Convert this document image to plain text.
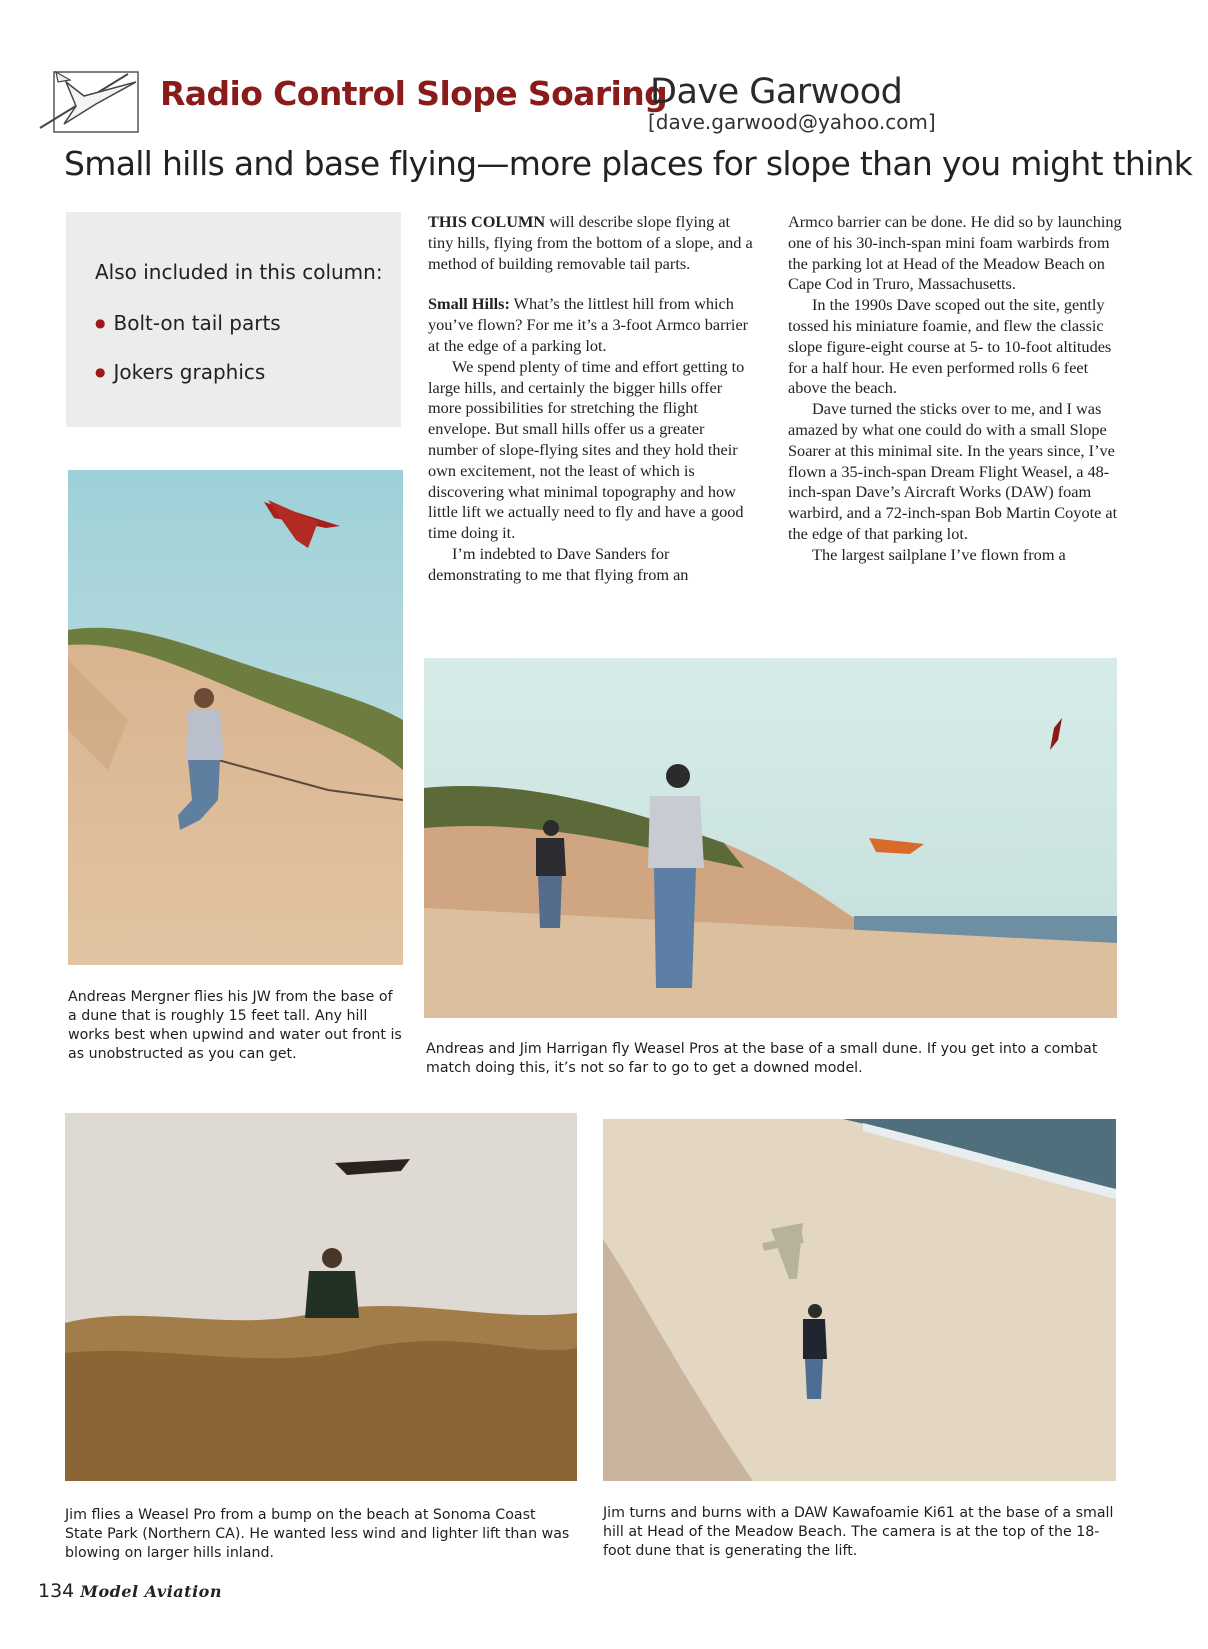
Radio Control Slope Soaring
Dave Garwood
[dave.garwood@yahoo.com]
Small hills and base flying—more places for slope than you might think
Also included in this column:
● Bolt-on tail parts
● Jokers graphics

THIS COLUMN will describe slope flying at tiny hills, flying from the bottom of a slope, and a method of building removable tail parts.

Small Hills: What’s the littlest hill from which you’ve flown? For me it’s a 3-foot Armco barrier at the edge of a parking lot.

We spend plenty of time and effort getting to large hills, and certainly the bigger hills offer more possibilities for stretching the flight envelope. But small hills offer us a greater number of slope-flying sites and they hold their own excitement, not the least of which is discovering what minimal topography and how little lift we actually need to fly and have a good time doing it.

I’m indebted to Dave Sanders for demonstrating to me that flying from an

Armco barrier can be done. He did so by launching one of his 30-inch-span mini foam warbirds from the parking lot at Head of the Meadow Beach on Cape Cod in Truro, Massachusetts.

In the 1990s Dave scoped out the site, gently tossed his miniature foamie, and flew the classic slope figure-eight course at 5- to 10-foot altitudes for a half hour. He even performed rolls 6 feet above the beach.

Dave turned the sticks over to me, and I was amazed by what one could do with a small Slope Soarer at this minimal site. In the years since, I’ve flown a 35-inch-span Dream Flight Weasel, a 48-inch-span Dave’s Aircraft Works (DAW) foam warbird, and a 72-inch-span Bob Martin Coyote at the edge of that parking lot.

The largest sailplane I’ve flown from a

Andreas Mergner flies his JW from the base of a dune that is roughly 15 feet tall. Any hill works best when upwind and water out front is as unobstructed as you can get.	Andreas and Jim Harrigan fly Weasel Pros at the base of a small dune. If you get into a combat match doing this, it’s not so far to go to get a downed model.
Jim flies a Weasel Pro from a bump on the beach at Sonoma Coast State Park (Northern CA). He wanted less wind and lighter lift than was blowing on larger hills inland.
Jim turns and burns with a DAW Kawafoamie Ki61 at the base of a small hill at Head of the Meadow Beach. The camera is at the top of the 18-foot dune that is generating the lift.
134 Model Aviation
